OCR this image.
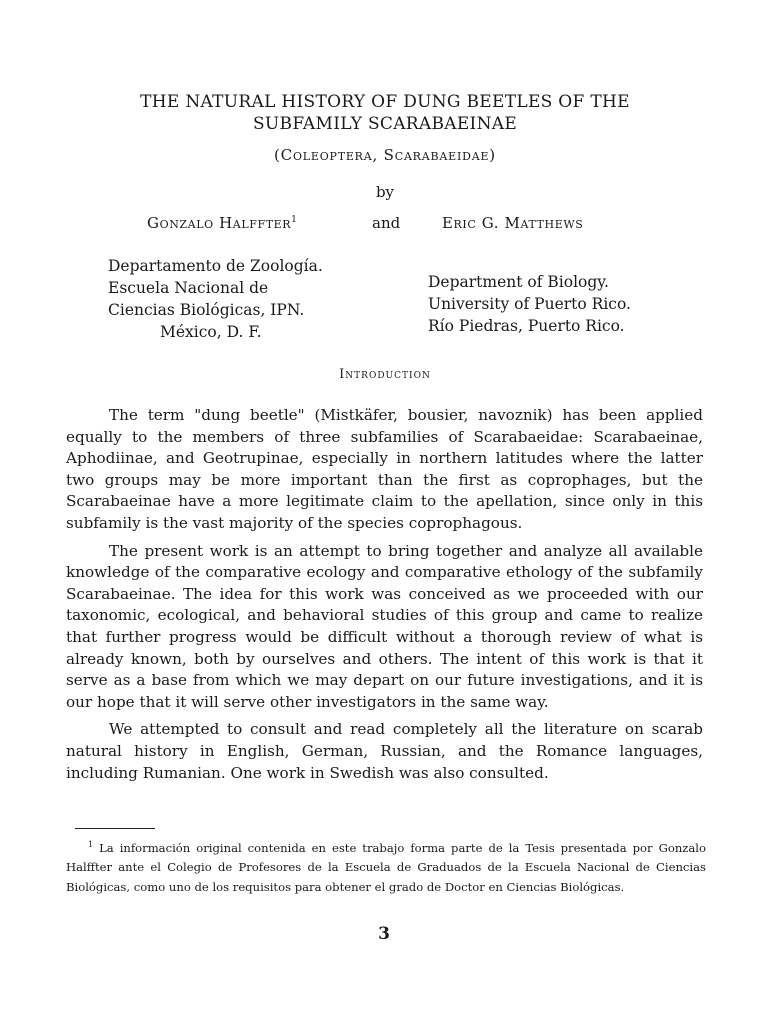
THE NATURAL HISTORY OF DUNG BEETLES OF THE
SUBFAMILY SCARABAEINAE
(Coleoptera, Scarabaeidae)
by
Gonzalo Halffter$^1$	and	Eric G. Matthews
Departamento de Zoología.
Escuela Nacional de
Ciencias Biológicas, IPN.
México, D. F.
Department of Biology.
University of Puerto Rico.
Río Piedras, Puerto Rico.
Introduction

The term "dung beetle" (Mistkäfer, bousier, navoznik) has been applied equally to the members of three subfamilies of Scarabaeidae: Scarabaeinae, Aphodiinae, and Geotrupinae, especially in northern latitudes where the latter two groups may be more important than the first as coprophages, but the Scarabaeinae have a more legitimate claim to the apellation, since only in this subfamily is the vast majority of the species coprophagous.

The present work is an attempt to bring together and analyze all available knowledge of the comparative ecology and comparative ethology of the subfamily Scarabaeinae. The idea for this work was conceived as we proceeded with our taxonomic, ecological, and behavioral studies of this group and came to realize that further progress would be difficult without a thorough review of what is already known, both by ourselves and others. The intent of this work is that it serve as a base from which we may depart on our future investigations, and it is our hope that it will serve other investigators in the same way.

We attempted to consult and read completely all the literature on scarab natural history in English, German, Russian, and the Romance languages, including Rumanian. One work in Swedish was also consulted.

$^1$ La información original contenida en este trabajo forma parte de la Tesis presentada por Gonzalo Halffter ante el Colegio de Profesores de la Escuela de Graduados de la Escuela Nacional de Ciencias Biológicas, como uno de los requisitos para obtener el grado de Doctor en Ciencias Biológicas.
3
